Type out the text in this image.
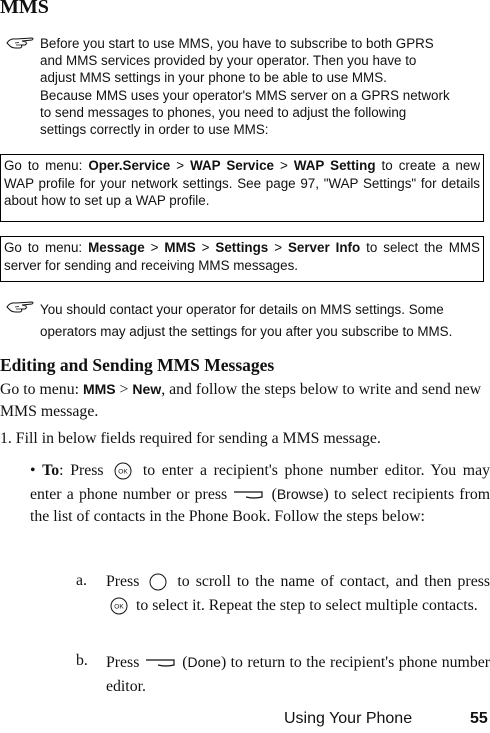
MMS
Before you start to use MMS, you have to subscribe to both GPRS
and MMS services provided by your operator. Then you have to
adjust MMS settings in your phone to be able to use MMS.
Because MMS uses your operator's MMS server on a GPRS network
to send messages to phones, you need to adjust the following
settings correctly in order to use MMS:
Go to menu: Oper.Service > WAP Service > WAP Setting to create a new WAP profile for your network settings. See page 97, "WAP Settings" for details about how to set up a WAP profile.
Go to menu: Message > MMS > Settings > Server Info to select the MMS server for sending and receiving MMS messages.
You should contact your operator for details on MMS settings. Some
operators may adjust the settings for you after you subscribe to MMS.
Editing and Sending MMS Messages
Go to menu: MMS > New, and follow the steps below to write and send new MMS message.
1. Fill in below fields required for sending a MMS message.
• To: Press OK to enter a recipient's phone number editor. You may enter a phone number or press  (Browse) to select recipients from the list of contacts in the Phone Book. Follow the steps below:
a.	Press to scroll to the name of contact, and then press
OK to select it. Repeat the step to select multiple contacts.
b.	Press  (Done) to return to the recipient's phone number editor.
Using Your Phone	55
